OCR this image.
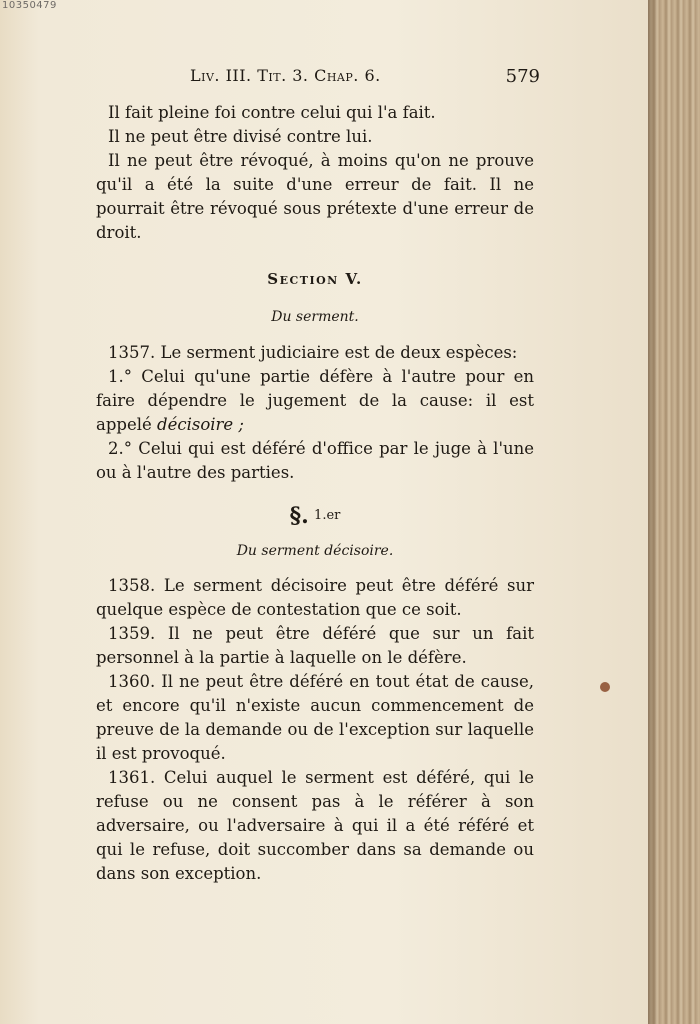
10350479
Liv. III. Tit. 3. Chap. 6.	579

Il fait pleine foi contre celui qui l'a fait.

Il ne peut être divisé contre lui.

Il ne peut être révoqué, à moins qu'on ne prouve qu'il a été la suite d'une erreur de fait. Il ne pourrait être révoqué sous prétexte d'une erreur de droit.

Section V.
Du serment.

1357. Le serment judiciaire est de deux espèces:

1.° Celui qu'une partie défère à l'autre pour en faire dépendre le jugement de la cause: il est appelé décisoire ;

2.° Celui qui est déféré d'office par le juge à l'une ou à l'autre des parties.

§. $^{1.er}$
Du serment décisoire.

1358. Le serment décisoire peut être déféré sur quelque espèce de contestation que ce soit.

1359. Il ne peut être déféré que sur un fait personnel à la partie à laquelle on le défère.

1360. Il ne peut être déféré en tout état de cause, et encore qu'il n'existe aucun commencement de preuve de la demande ou de l'exception sur laquelle il est provoqué.

1361. Celui auquel le serment est déféré, qui le refuse ou ne consent pas à le référer à son adversaire, ou l'adversaire à qui il a été référé et qui le refuse, doit succomber dans sa demande ou dans son exception.
